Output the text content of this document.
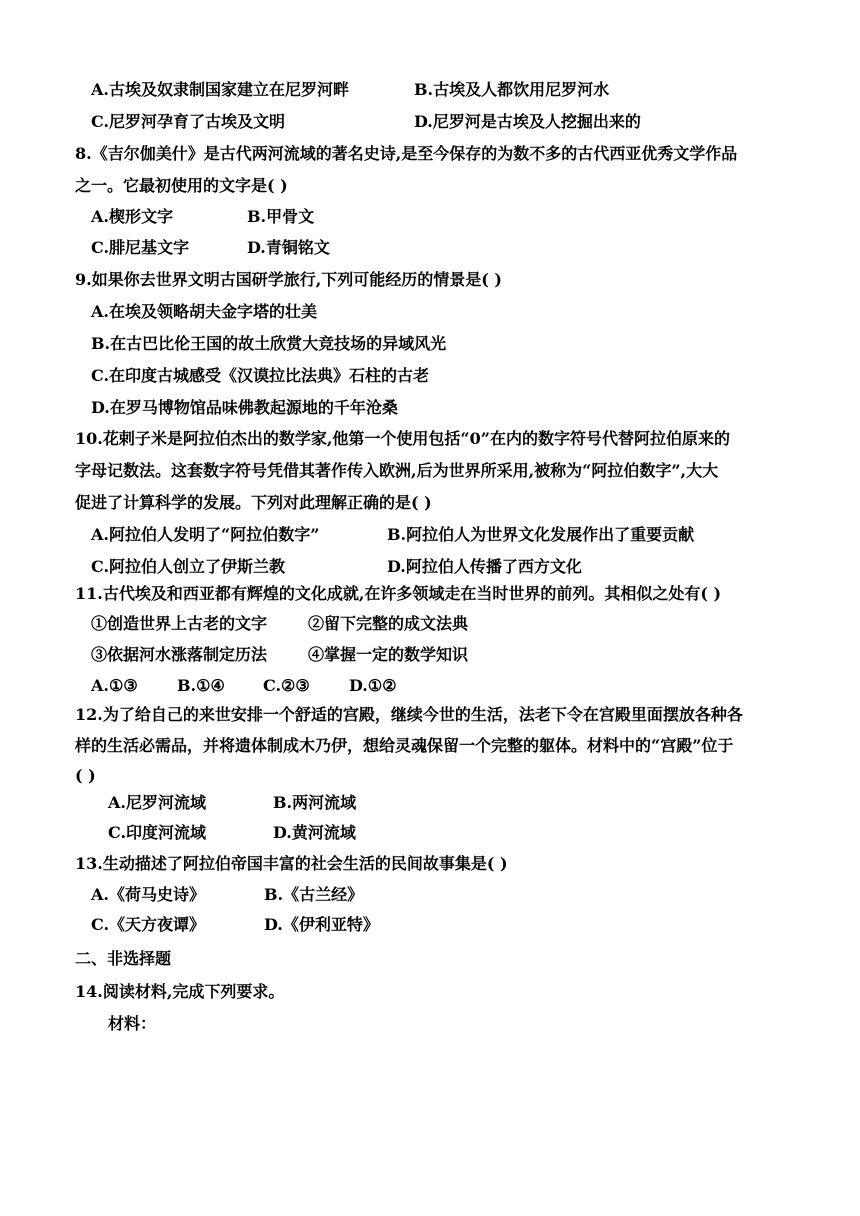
A.古埃及奴隶制国家建立在尼罗河畔	B.古埃及人都饮用尼罗河水
C.尼罗河孕育了古埃及文明	D.尼罗河是古埃及人挖掘出来的
8.《吉尔伽美什》是古代两河流域的著名史诗,是至今保存的为数不多的古代西亚优秀文学作品
之一。它最初使用的文字是( )
A.楔形文字	B.甲骨文
C.腓尼基文字	D.青铜铭文
9.如果你去世界文明古国研学旅行,下列可能经历的情景是( )
A.在埃及领略胡夫金字塔的壮美
B.在古巴比伦王国的故土欣赏大竞技场的异域风光
C.在印度古城感受《汉谟拉比法典》石柱的古老
D.在罗马博物馆品味佛教起源地的千年沧桑
10.花剌子米是阿拉伯杰出的数学家,他第一个使用包括“0”在内的数字符号代替阿拉伯原来的
字母记数法。这套数字符号凭借其著作传入欧洲,后为世界所采用,被称为“阿拉伯数字”,大大
促进了计算科学的发展。下列对此理解正确的是( )
A.阿拉伯人发明了“阿拉伯数字”	B.阿拉伯人为世界文化发展作出了重要贡献
C.阿拉伯人创立了伊斯兰教	D.阿拉伯人传播了西方文化
11.古代埃及和西亚都有辉煌的文化成就,在许多领域走在当时世界的前列。其相似之处有( )
①创造世界上古老的文字	②留下完整的成文法典
③依据河水涨落制定历法	④掌握一定的数学知识
A.①③ B.①④ C.②③ D.①②
12.为了给自己的来世安排一个舒适的宫殿，继续今世的生活，法老下令在宫殿里面摆放各种各
样的生活必需品，并将遗体制成木乃伊，想给灵魂保留一个完整的躯体。材料中的“宫殿”位于
( )
A.尼罗河流域	B.两河流域
C.印度河流域	D.黄河流域
13.生动描述了阿拉伯帝国丰富的社会生活的民间故事集是( )
A.《荷马史诗》	B.《古兰经》
C.《天方夜谭》	D.《伊利亚特》
二、非选择题
14.阅读材料,完成下列要求。
材料：
